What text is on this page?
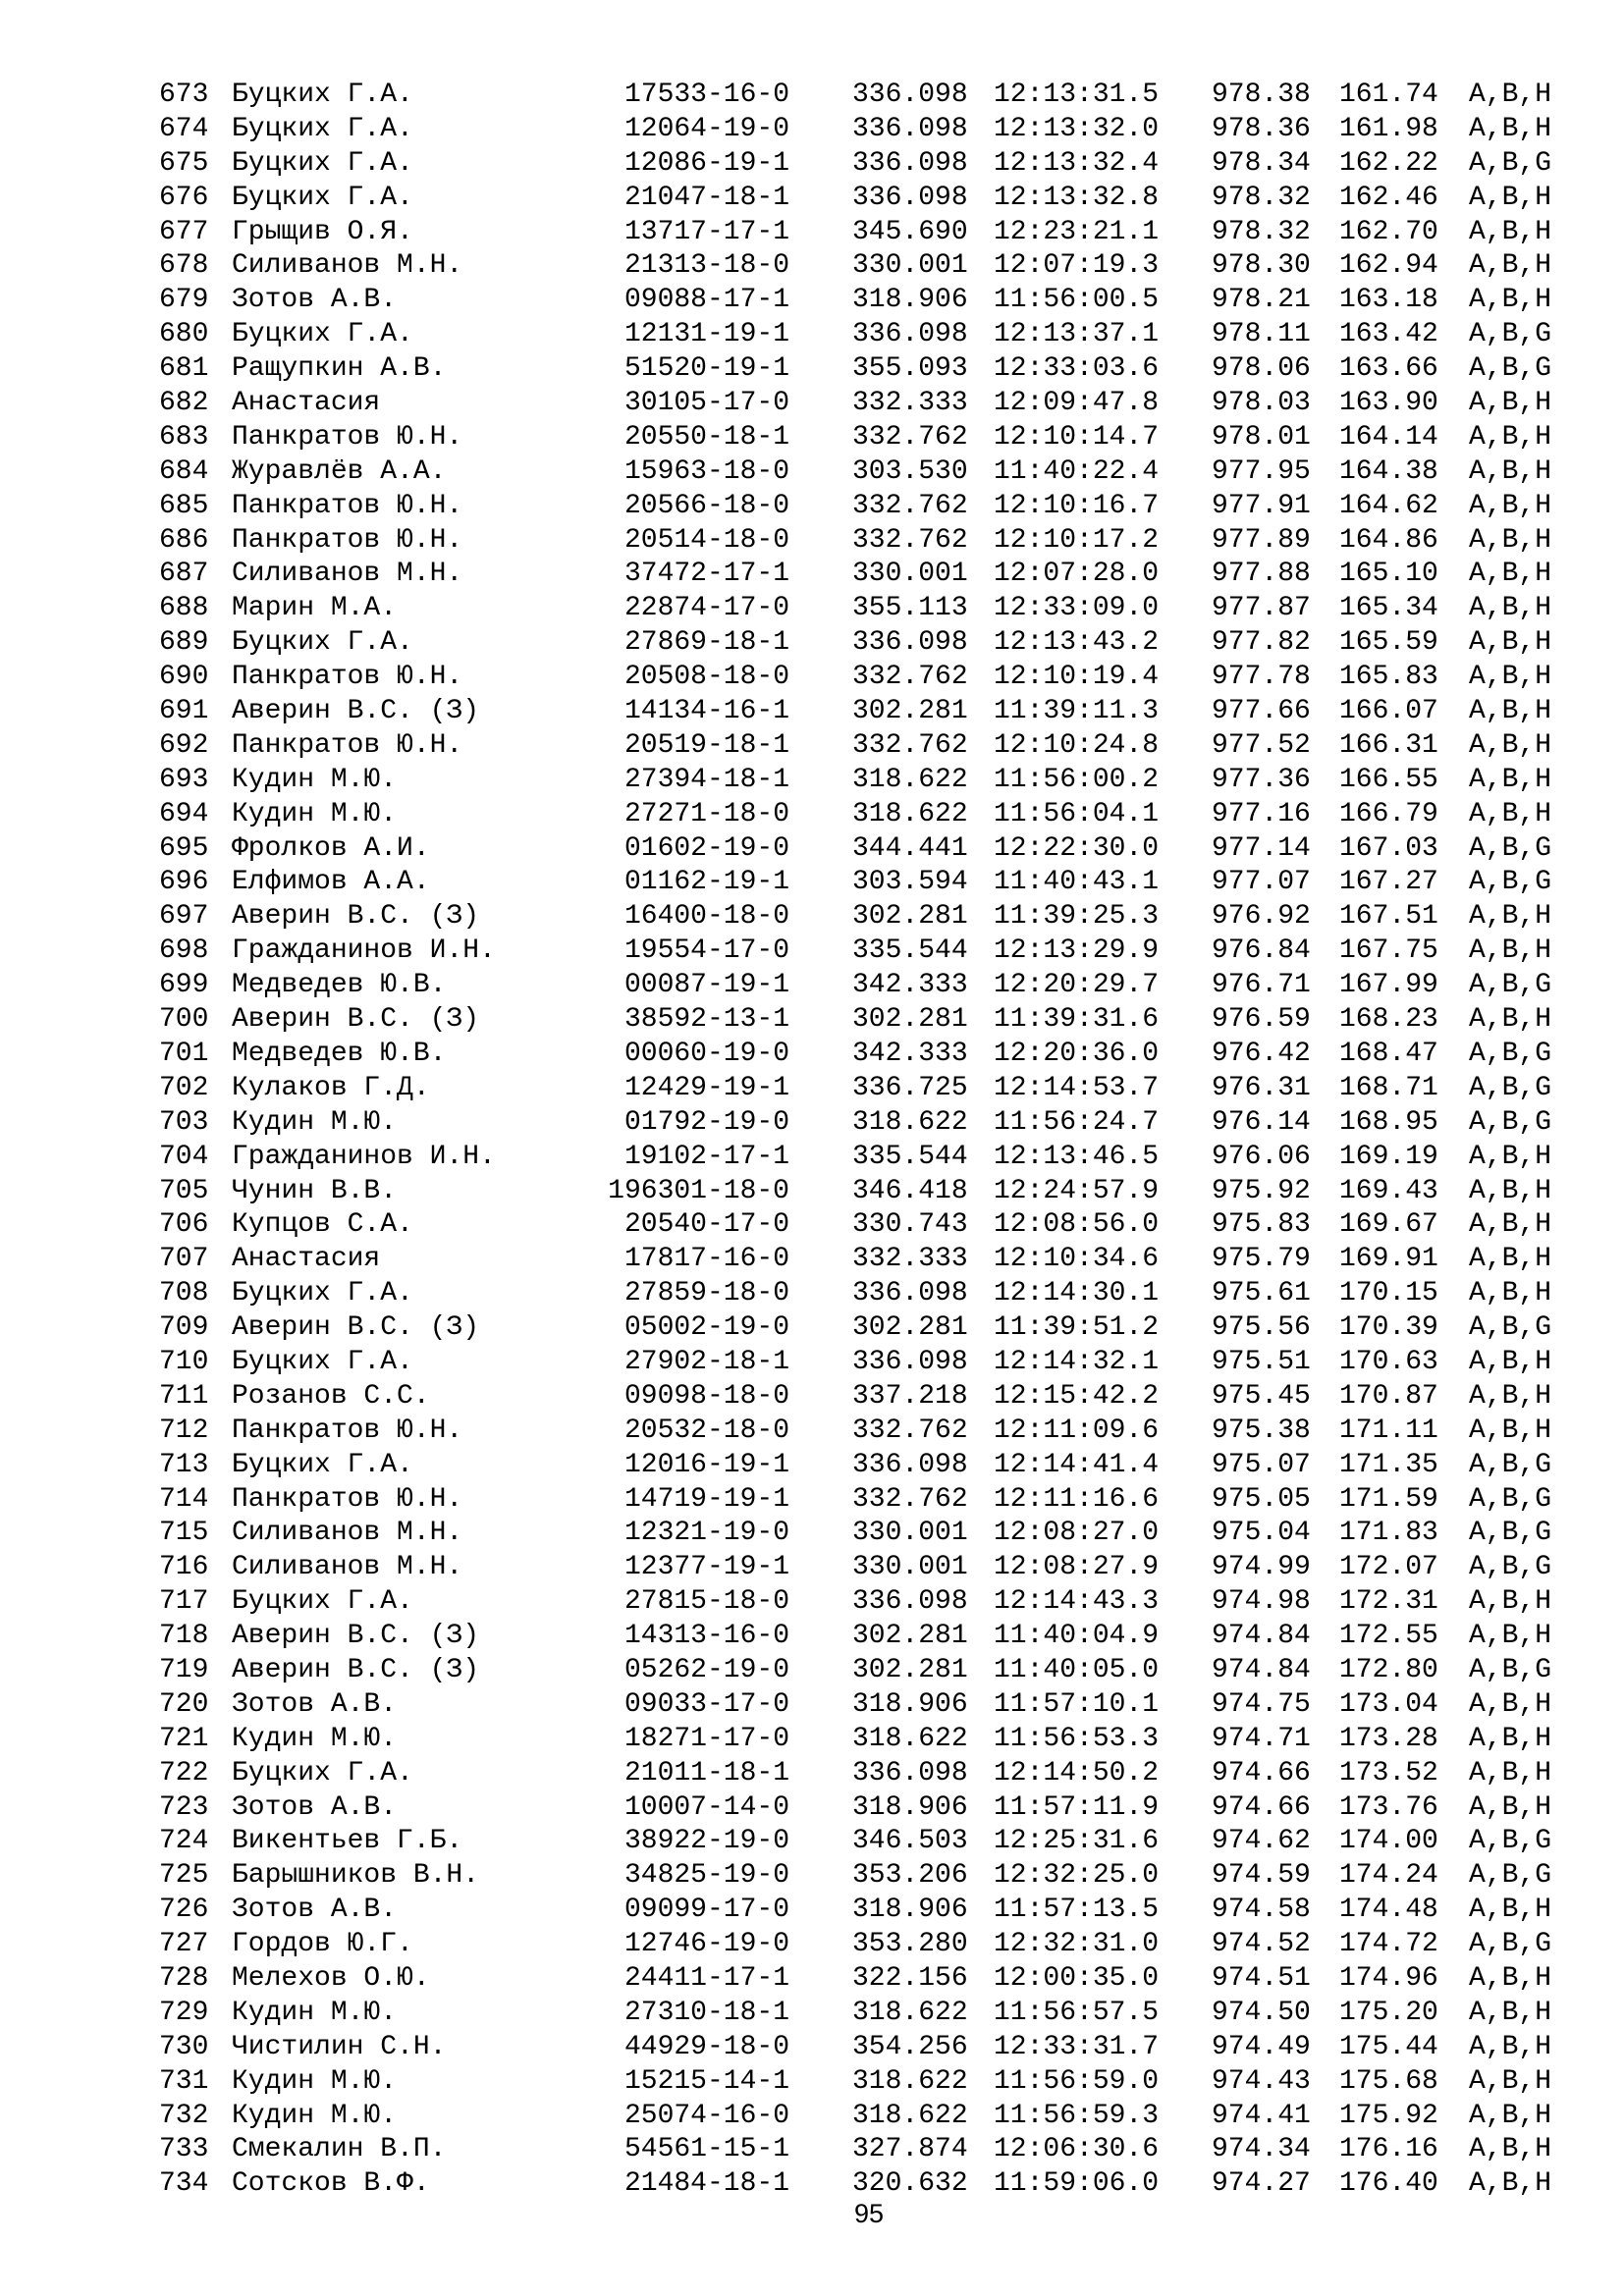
673 Буцких Г.А.	17533-16-0 336.098 12:13:31.5 978.38 161.74 A,B,H
674 Буцких Г.А.	12064-19-0 336.098 12:13:32.0 978.36 161.98 A,B,H
675 Буцких Г.А.	12086-19-1 336.098 12:13:32.4 978.34 162.22 A,B,G
676 Буцких Г.А.	21047-18-1 336.098 12:13:32.8 978.32 162.46 A,B,H
677 Грыщив О.Я.	13717-17-1 345.690 12:23:21.1 978.32 162.70 A,B,H
678 Силиванов М.Н.	21313-18-0 330.001 12:07:19.3 978.30 162.94 A,B,H
679 Зотов А.В.	09088-17-1 318.906 11:56:00.5 978.21 163.18 A,B,H
680 Буцких Г.А.	12131-19-1 336.098 12:13:37.1 978.11 163.42 A,B,G
681 Ращупкин А.В.	51520-19-1 355.093 12:33:03.6 978.06 163.66 A,B,G
682 Анастасия	30105-17-0 332.333 12:09:47.8 978.03 163.90 A,B,H
683 Панкратов Ю.Н.	20550-18-1 332.762 12:10:14.7 978.01 164.14 A,B,H
684 Журавлёв А.А.	15963-18-0 303.530 11:40:22.4 977.95 164.38 A,B,H
685 Панкратов Ю.Н.	20566-18-0 332.762 12:10:16.7 977.91 164.62 A,B,H
686 Панкратов Ю.Н.	20514-18-0 332.762 12:10:17.2 977.89 164.86 A,B,H
687 Силиванов М.Н.	37472-17-1 330.001 12:07:28.0 977.88 165.10 A,B,H
688 Марин М.А.	22874-17-0 355.113 12:33:09.0 977.87 165.34 A,B,H
689 Буцких Г.А.	27869-18-1 336.098 12:13:43.2 977.82 165.59 A,B,H
690 Панкратов Ю.Н.	20508-18-0 332.762 12:10:19.4 977.78 165.83 A,B,H
691 Аверин В.С. (З)	14134-16-1 302.281 11:39:11.3 977.66 166.07 A,B,H
692 Панкратов Ю.Н.	20519-18-1 332.762 12:10:24.8 977.52 166.31 A,B,H
693 Кудин М.Ю.	27394-18-1 318.622 11:56:00.2 977.36 166.55 A,B,H
694 Кудин М.Ю.	27271-18-0 318.622 11:56:04.1 977.16 166.79 A,B,H
695 Фролков А.И.	01602-19-0 344.441 12:22:30.0 977.14 167.03 A,B,G
696 Елфимов А.А.	01162-19-1 303.594 11:40:43.1 977.07 167.27 A,B,G
697 Аверин В.С. (З)	16400-18-0 302.281 11:39:25.3 976.92 167.51 A,B,H
698 Гражданинов И.Н.	19554-17-0 335.544 12:13:29.9 976.84 167.75 A,B,H
699 Медведев Ю.В.	00087-19-1 342.333 12:20:29.7 976.71 167.99 A,B,G
700 Аверин В.С. (З)	38592-13-1 302.281 11:39:31.6 976.59 168.23 A,B,H
701 Медведев Ю.В.	00060-19-0 342.333 12:20:36.0 976.42 168.47 A,B,G
702 Кулаков Г.Д.	12429-19-1 336.725 12:14:53.7 976.31 168.71 A,B,G
703 Кудин М.Ю.	01792-19-0 318.622 11:56:24.7 976.14 168.95 A,B,G
704 Гражданинов И.Н.	19102-17-1 335.544 12:13:46.5 976.06 169.19 A,B,H
705 Чунин В.В.	196301-18-0 346.418 12:24:57.9 975.92 169.43 A,B,H
706 Купцов С.А.	20540-17-0 330.743 12:08:56.0 975.83 169.67 A,B,H
707 Анастасия	17817-16-0 332.333 12:10:34.6 975.79 169.91 A,B,H
708 Буцких Г.А.	27859-18-0 336.098 12:14:30.1 975.61 170.15 A,B,H
709 Аверин В.С. (З)	05002-19-0 302.281 11:39:51.2 975.56 170.39 A,B,G
710 Буцких Г.А.	27902-18-1 336.098 12:14:32.1 975.51 170.63 A,B,H
711 Розанов С.С.	09098-18-0 337.218 12:15:42.2 975.45 170.87 A,B,H
712 Панкратов Ю.Н.	20532-18-0 332.762 12:11:09.6 975.38 171.11 A,B,H
713 Буцких Г.А.	12016-19-1 336.098 12:14:41.4 975.07 171.35 A,B,G
714 Панкратов Ю.Н.	14719-19-1 332.762 12:11:16.6 975.05 171.59 A,B,G
715 Силиванов М.Н.	12321-19-0 330.001 12:08:27.0 975.04 171.83 A,B,G
716 Силиванов М.Н.	12377-19-1 330.001 12:08:27.9 974.99 172.07 A,B,G
717 Буцких Г.А.	27815-18-0 336.098 12:14:43.3 974.98 172.31 A,B,H
718 Аверин В.С. (З)	14313-16-0 302.281 11:40:04.9 974.84 172.55 A,B,H
719 Аверин В.С. (З)	05262-19-0 302.281 11:40:05.0 974.84 172.80 A,B,G
720 Зотов А.В.	09033-17-0 318.906 11:57:10.1 974.75 173.04 A,B,H
721 Кудин М.Ю.	18271-17-0 318.622 11:56:53.3 974.71 173.28 A,B,H
722 Буцких Г.А.	21011-18-1 336.098 12:14:50.2 974.66 173.52 A,B,H
723 Зотов А.В.	10007-14-0 318.906 11:57:11.9 974.66 173.76 A,B,H
724 Викентьев Г.Б.	38922-19-0 346.503 12:25:31.6 974.62 174.00 A,B,G
725 Барышников В.Н.	34825-19-0 353.206 12:32:25.0 974.59 174.24 A,B,G
726 Зотов А.В.	09099-17-0 318.906 11:57:13.5 974.58 174.48 A,B,H
727 Гордов Ю.Г.	12746-19-0 353.280 12:32:31.0 974.52 174.72 A,B,G
728 Мелехов О.Ю.	24411-17-1 322.156 12:00:35.0 974.51 174.96 A,B,H
729 Кудин М.Ю.	27310-18-1 318.622 11:56:57.5 974.50 175.20 A,B,H
730 Чистилин С.Н.	44929-18-0 354.256 12:33:31.7 974.49 175.44 A,B,H
731 Кудин М.Ю.	15215-14-1 318.622 11:56:59.0 974.43 175.68 A,B,H
732 Кудин М.Ю.	25074-16-0 318.622 11:56:59.3 974.41 175.92 A,B,H
733 Смекалин В.П.	54561-15-1 327.874 12:06:30.6 974.34 176.16 A,B,H
734 Сотсков В.Ф.	21484-18-1 320.632 11:59:06.0 974.27 176.40 A,B,H
95
